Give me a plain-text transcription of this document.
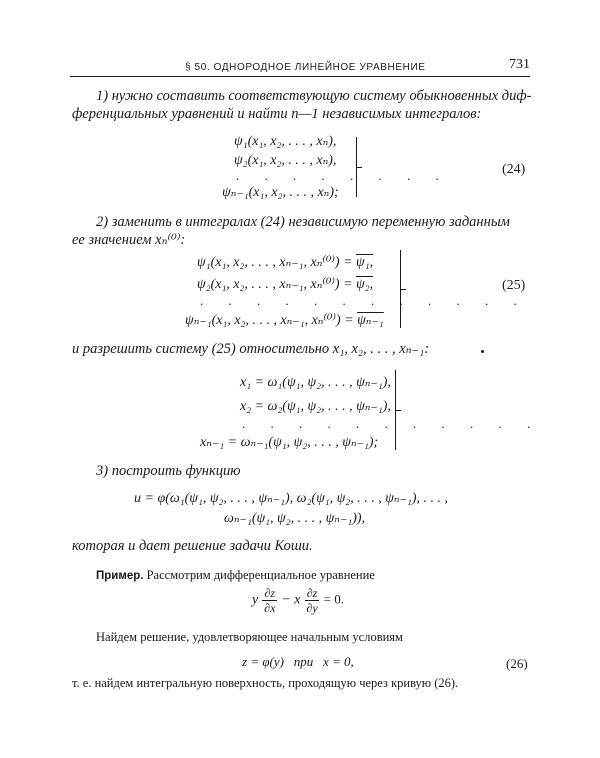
§ 50. ОДНОРОДНОЕ ЛИНЕЙНОЕ УРАВНЕНИЕ	731
1) нужно составить соответствующую систему обыкновенных диф-
ференциальных уравнений и найти n—1 независимых интегралов:
ψ₁(x₁, x₂, . . . , xₙ),
ψ₂(x₁, x₂, . . . , xₙ),
. . . . . . . .
ψₙ₋₁(x₁, x₂, . . . , xₙ);
(24)
2) заменить в интегралах (24) независимую переменную заданным
ее значением xₙ⁽⁰⁾:
ψ₁(x₁, x₂, . . . , xₙ₋₁, xₙ⁽⁰⁾) = ψ₁,
ψ₂(x₁, x₂, . . . , xₙ₋₁, xₙ⁽⁰⁾) = ψ₂,
. . . . . . . . . . . .
ψₙ₋₁(x₁, x₂, . . . , xₙ₋₁, xₙ⁽⁰⁾) = ψₙ₋₁
(25)
и разрешить систему (25) относительно x₁, x₂, . . . , xₙ₋₁:
x₁ = ω₁(ψ₁, ψ₂, . . . , ψₙ₋₁),
x₂ = ω₂(ψ₁, ψ₂, . . . , ψₙ₋₁),
. . . . . . . . . . .
xₙ₋₁ = ωₙ₋₁(ψ₁, ψ₂, . . . , ψₙ₋₁);
3) построить функцию
u = φ(ω₁(ψ₁, ψ₂, . . . , ψₙ₋₁), ω₂(ψ₁, ψ₂, . . . , ψₙ₋₁), . . . ,
ωₙ₋₁(ψ₁, ψ₂, . . . , ψₙ₋₁)),
которая и дает решение задачи Коши.
Пример. Рассмотрим дифференциальное уравнение
y $\frac{\partial z}{\partial x} - x \frac{\partial z}{\partial y} = 0$.
Найдем решение, удовлетворяющее начальным условиям
z = φ(y)   при   x = 0,	(26)
т. е. найдем интегральную поверхность, проходящую через кривую (26).
